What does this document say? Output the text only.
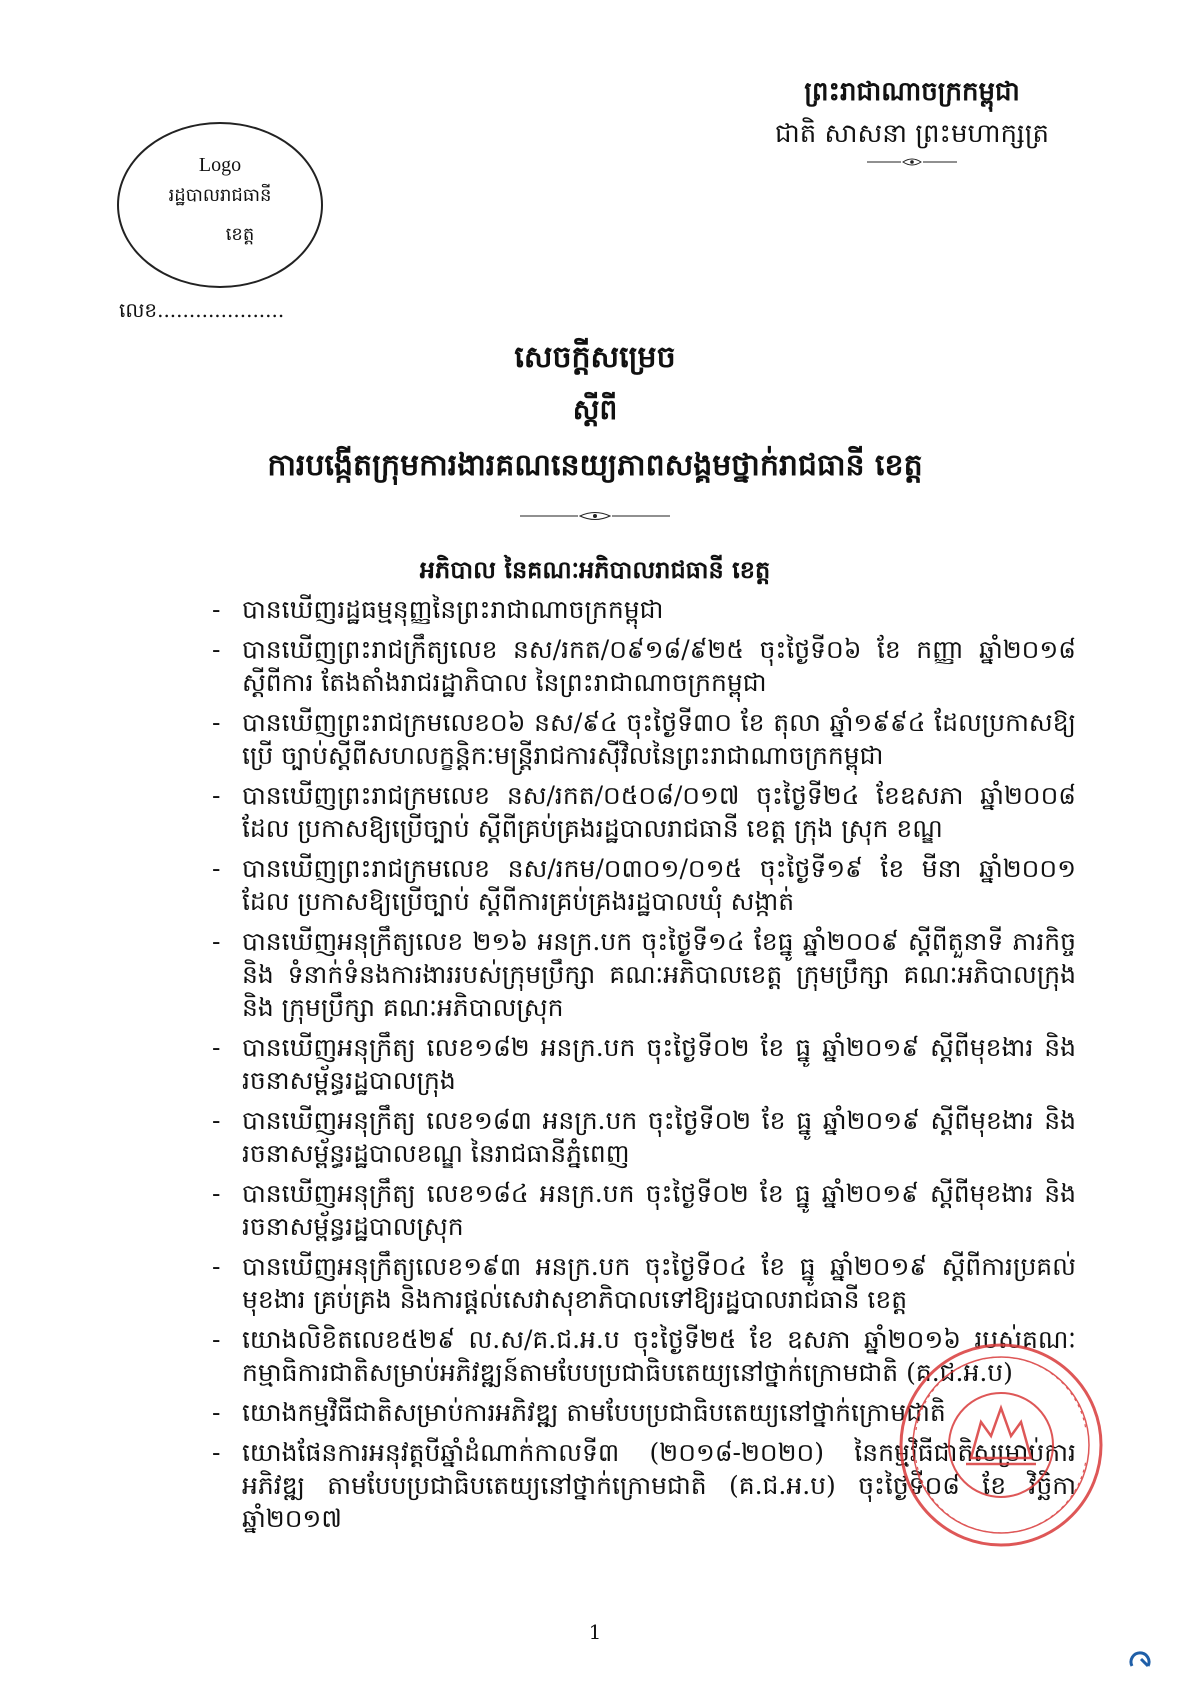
ព្រះរាជាណាចក្រកម្ពុជា
ជាតិ សាសនា ព្រះមហាក្សត្រ
Logo
រដ្ឋបាលរាជធានី
ខេត្ត
លេខ....................
សេចក្តីសម្រេច
ស្តីពី
ការបង្កើតក្រុមការងារគណនេយ្យភាពសង្គមថ្នាក់រាជធានី ខេត្ត
អភិបាល នៃគណៈអភិបាលរាជធានី ខេត្ត
- បានឃើញរដ្ឋធម្មនុញ្ញនៃព្រះរាជាណាចក្រកម្ពុជា
- បានឃើញព្រះរាជក្រឹត្យលេខ នស/រកត/០៩១៨/៩២៥ ចុះថ្ងៃទី០៦ ខែ កញ្ញា ឆ្នាំ២០១៨ ស្តីពីការ តែងតាំងរាជរដ្ឋាភិបាល នៃព្រះរាជាណាចក្រកម្ពុជា
- បានឃើញព្រះរាជក្រមលេខ០៦ នស/៩៤ ចុះថ្ងៃទី៣០ ខែ តុលា ឆ្នាំ១៩៩៤ ដែលប្រកាសឱ្យប្រើ ច្បាប់ស្តីពីសហលក្ខន្តិកៈមន្ត្រីរាជការស៊ីវិលនៃព្រះរាជាណាចក្រកម្ពុជា
- បានឃើញព្រះរាជក្រមលេខ នស/រកត/០៥០៨/០១៧ ចុះថ្ងៃទី២៤ ខែឧសភា ឆ្នាំ២០០៨ ដែល ប្រកាសឱ្យប្រើច្បាប់ ស្តីពីគ្រប់គ្រងរដ្ឋបាលរាជធានី ខេត្ត ក្រុង ស្រុក ខណ្ឌ
- បានឃើញព្រះរាជក្រមលេខ នស/រកម/០៣០១/០១៥ ចុះថ្ងៃទី១៩ ខែ មីនា ឆ្នាំ២០០១ ដែល ប្រកាសឱ្យប្រើច្បាប់ ស្តីពីការគ្រប់គ្រងរដ្ឋបាលឃុំ សង្កាត់
- បានឃើញអនុក្រឹត្យលេខ ២១៦ អនក្រ.បក ចុះថ្ងៃទី១៤ ខែធ្នូ ឆ្នាំ២០០៩ ស្តីពីតួនាទី ភារកិច្ច និង ទំនាក់ទំនងការងាររបស់ក្រុមប្រឹក្សា គណៈអភិបាលខេត្ត ក្រុមប្រឹក្សា គណៈអភិបាលក្រុង និង ក្រុមប្រឹក្សា គណៈអភិបាលស្រុក
- បានឃើញអនុក្រឹត្យ លេខ១៨២ អនក្រ.បក ចុះថ្ងៃទី០២ ខែ ធ្នូ ឆ្នាំ២០១៩ ស្តីពីមុខងារ និង រចនាសម្ព័ន្ធរដ្ឋបាលក្រុង
- បានឃើញអនុក្រឹត្យ លេខ១៨៣ អនក្រ.បក ចុះថ្ងៃទី០២ ខែ ធ្នូ ឆ្នាំ២០១៩ ស្តីពីមុខងារ និង រចនាសម្ព័ន្ធរដ្ឋបាលខណ្ឌ នៃរាជធានីភ្នំពេញ
- បានឃើញអនុក្រឹត្យ លេខ១៨៤ អនក្រ.បក ចុះថ្ងៃទី០២ ខែ ធ្នូ ឆ្នាំ២០១៩ ស្តីពីមុខងារ និង រចនាសម្ព័ន្ធរដ្ឋបាលស្រុក
- បានឃើញអនុក្រឹត្យលេខ១៩៣ អនក្រ.បក ចុះថ្ងៃទី០៤ ខែ ធ្នូ ឆ្នាំ២០១៩ ស្តីពីការប្រគល់ មុខងារ គ្រប់គ្រង និងការផ្តល់សេវាសុខាភិបាលទៅឱ្យរដ្ឋបាលរាជធានី ខេត្ត
- យោងលិខិតលេខ៥២៩ ល.ស/គ.ជ.អ.ប ចុះថ្ងៃទី២៥ ខែ ឧសភា ឆ្នាំ២០១៦ របស់គណៈ កម្មាធិការជាតិសម្រាប់អភិវឌ្ឍន៍តាមបែបប្រជាធិបតេយ្យនៅថ្នាក់ក្រោមជាតិ (គ.ជ.អ.ប)
- យោងកម្មវិធីជាតិសម្រាប់ការអភិវឌ្ឍ តាមបែបប្រជាធិបតេយ្យនៅថ្នាក់ក្រោមជាតិ
- យោងផែនការអនុវត្តបីឆ្នាំដំណាក់កាលទី៣ (២០១៨-២០២០) នៃកម្មវិធីជាតិសម្រាប់ការអភិវឌ្ឍ តាមបែបប្រជាធិបតេយ្យនៅថ្នាក់ក្រោមជាតិ (គ.ជ.អ.ប) ចុះថ្ងៃទី០៨ ខែ វិច្ឆិកា ឆ្នាំ២០១៧
1
